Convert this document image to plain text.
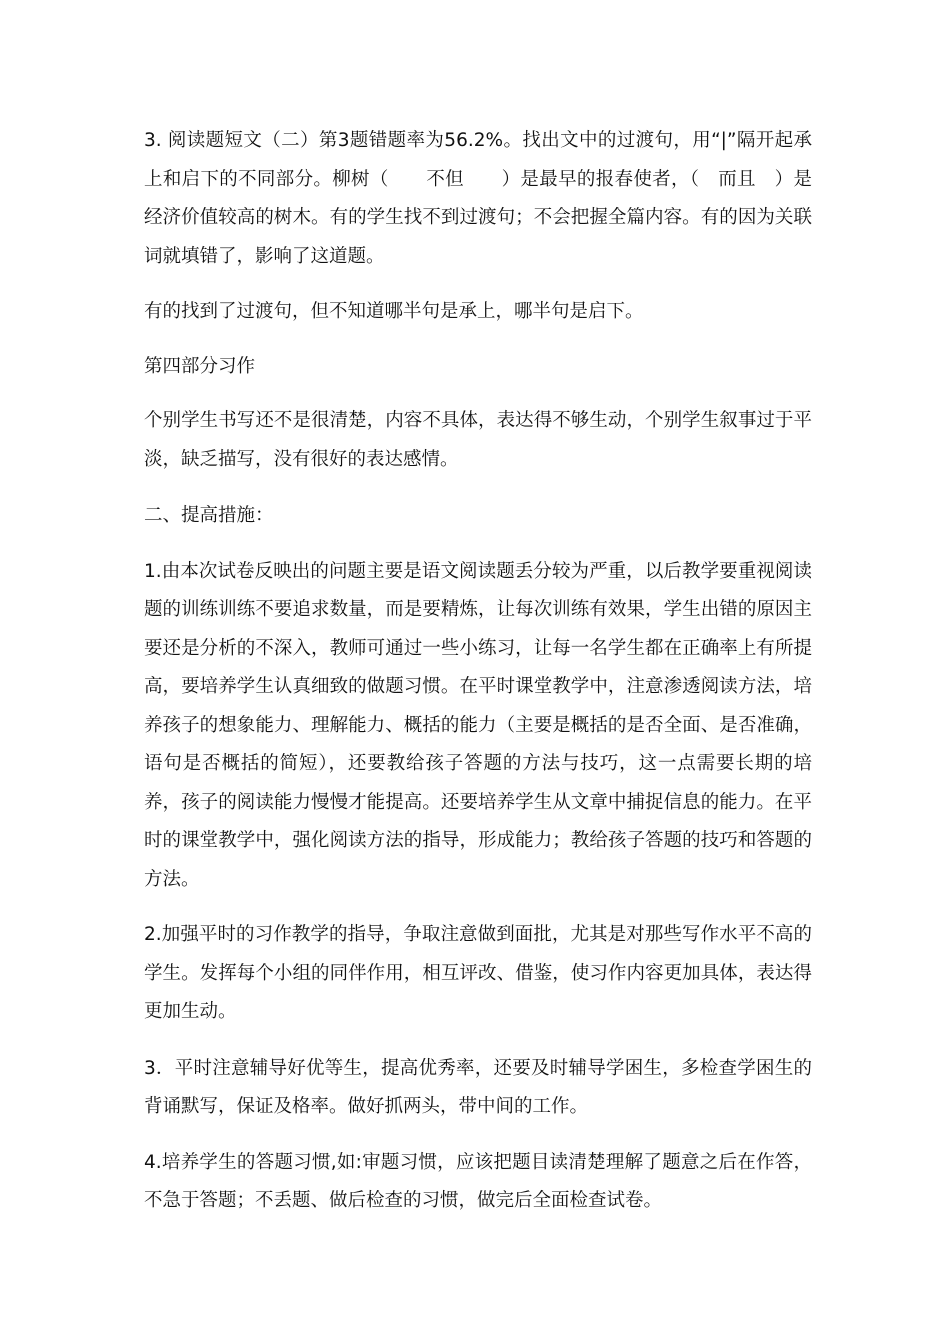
3. 阅读题短文（二）第3题错题率为56.2%。找出文中的过渡句，用“|”隔开起承上和启下的不同部分。柳树（　　不但　　）是最早的报春使者，（　而且　）是经济价值较高的树木。有的学生找不到过渡句；不会把握全篇内容。有的因为关联词就填错了，影响了这道题。

有的找到了过渡句，但不知道哪半句是承上，哪半句是启下。

第四部分习作

个别学生书写还不是很清楚，内容不具体，表达得不够生动，个别学生叙事过于平淡，缺乏描写，没有很好的表达感情。

二、提高措施：

1.由本次试卷反映出的问题主要是语文阅读题丢分较为严重，以后教学要重视阅读题的训练训练不要追求数量，而是要精炼，让每次训练有效果，学生出错的原因主要还是分析的不深入，教师可通过一些小练习，让每一名学生都在正确率上有所提高，要培养学生认真细致的做题习惯。在平时课堂教学中，注意渗透阅读方法，培养孩子的想象能力、理解能力、概括的能力（主要是概括的是否全面、是否准确，语句是否概括的简短），还要教给孩子答题的方法与技巧，这一点需要长期的培养，孩子的阅读能力慢慢才能提高。还要培养学生从文章中捕捉信息的能力。在平时的课堂教学中，强化阅读方法的指导，形成能力；教给孩子答题的技巧和答题的方法。

2.加强平时的习作教学的指导，争取注意做到面批，尤其是对那些写作水平不高的学生。发挥每个小组的同伴作用，相互评改、借鉴，使习作内容更加具体，表达得更加生动。

3．平时注意辅导好优等生，提高优秀率，还要及时辅导学困生，多检查学困生的背诵默写，保证及格率。做好抓两头，带中间的工作。

4.培养学生的答题习惯,如:审题习惯，应该把题目读清楚理解了题意之后在作答，不急于答题；不丢题、做后检查的习惯，做完后全面检查试卷。
